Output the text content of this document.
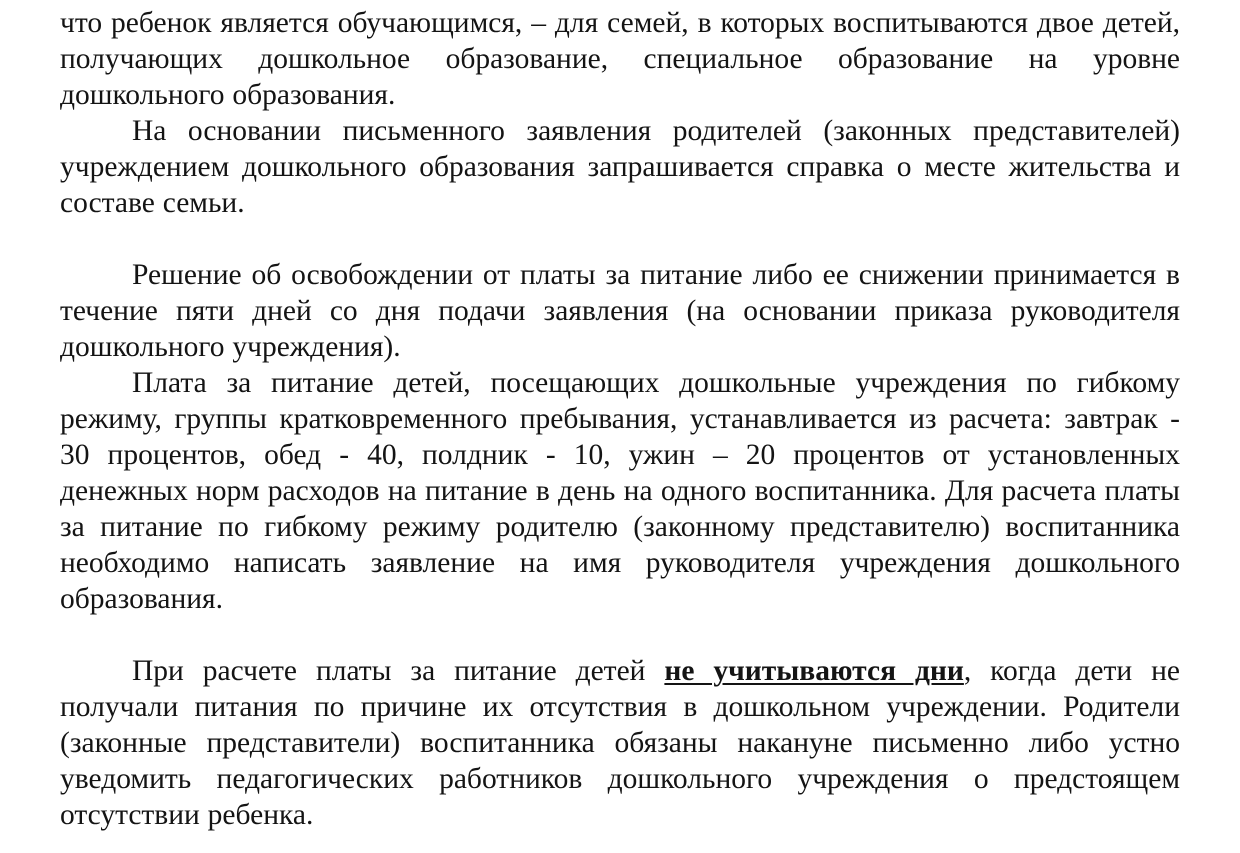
что ребенок является обучающимся, – для семей, в которых воспитываются двое детей, получающих дошкольное образование, специальное образование на уровне дошкольного образования.

На основании письменного заявления родителей (законных представителей) учреждением дошкольного образования запрашивается справка о месте жительства и составе семьи.

Решение об освобождении от платы за питание либо ее снижении принимается в течение пяти дней со дня подачи заявления (на основании приказа руководителя дошкольного учреждения).

Плата за питание детей, посещающих дошкольные учреждения по гибкому режиму, группы кратковременного пребывания, устанавливается из расчета: завтрак - 30 процентов, обед - 40, полдник - 10, ужин – 20 процентов от установленных денежных норм расходов на питание в день на одного воспитанника. Для расчета платы за питание по гибкому режиму родителю (законному представителю) воспитанника необходимо написать заявление на имя руководителя учреждения дошкольного образования.

При расчете платы за питание детей не учитываются дни, когда дети не получали питания по причине их отсутствия в дошкольном учреждении. Родители (законные представители) воспитанника обязаны накануне письменно либо устно уведомить педагогических работников дошкольного учреждения о предстоящем отсутствии ребенка.
